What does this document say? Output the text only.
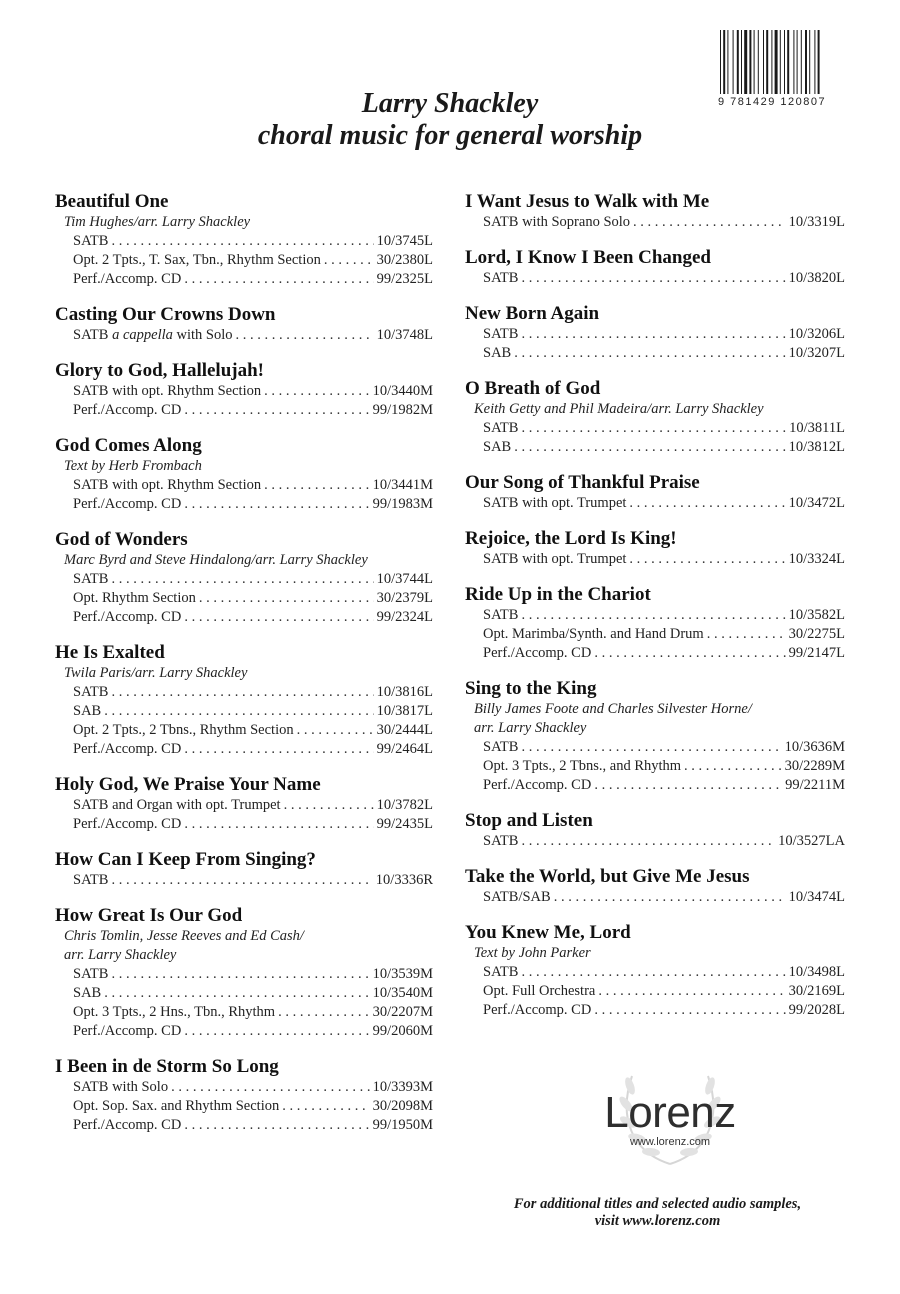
9 781429 120807
Larry Shackley
choral music for general worship
Beautiful One
Tim Hughes/arr. Larry Shackley
SATB . . .	10/3745L
Opt. 2 Tpts., T. Sax, Tbn., Rhythm Section . . .	30/2380L
Perf./Accomp. CD . . .	99/2325L
Casting Our Crowns Down
SATB a cappella with Solo . . .	10/3748L
Glory to God, Hallelujah!
SATB with opt. Rhythm Section . . .	10/3440M
Perf./Accomp. CD . . .	99/1982M
God Comes Along
Text by Herb Frombach
SATB with opt. Rhythm Section . . .	10/3441M
Perf./Accomp. CD . . .	99/1983M
God of Wonders
Marc Byrd and Steve Hindalong/arr. Larry Shackley
SATB . . .	10/3744L
Opt. Rhythm Section . . .	30/2379L
Perf./Accomp. CD . . .	99/2324L
He Is Exalted
Twila Paris/arr. Larry Shackley
SATB . . .	10/3816L
SAB . . .	10/3817L
Opt. 2 Tpts., 2 Tbns., Rhythm Section . . .	30/2444L
Perf./Accomp. CD . . .	99/2464L
Holy God, We Praise Your Name
SATB and Organ with opt. Trumpet . . .	10/3782L
Perf./Accomp. CD . . .	99/2435L
How Can I Keep From Singing?
SATB . . .	10/3336R
How Great Is Our God
Chris Tomlin, Jesse Reeves and Ed Cash/
arr. Larry Shackley
SATB . . .	10/3539M
SAB . . .	10/3540M
Opt. 3 Tpts., 2 Hns., Tbn., Rhythm . . .	30/2207M
Perf./Accomp. CD . . .	99/2060M
I Been in de Storm So Long
SATB with Solo . . .	10/3393M
Opt. Sop. Sax. and Rhythm Section . . .	30/2098M
Perf./Accomp. CD . . .	99/1950M
I Want Jesus to Walk with Me
SATB with Soprano Solo . . .	10/3319L
Lord, I Know I Been Changed
SATB . . .	10/3820L
New Born Again
SATB . . .	10/3206L
SAB . . .	10/3207L
O Breath of God
Keith Getty and Phil Madeira/arr. Larry Shackley
SATB . . .	10/3811L
SAB . . .	10/3812L
Our Song of Thankful Praise
SATB with opt. Trumpet . . .	10/3472L
Rejoice, the Lord Is King!
SATB with opt. Trumpet . . .	10/3324L
Ride Up in the Chariot
SATB . . .	10/3582L
Opt. Marimba/Synth. and Hand Drum . . .	30/2275L
Perf./Accomp. CD . . .	99/2147L
Sing to the King
Billy James Foote and Charles Silvester Horne/
arr. Larry Shackley
SATB . . .	10/3636M
Opt. 3 Tpts., 2 Tbns., and Rhythm . . .	30/2289M
Perf./Accomp. CD . . .	99/2211M
Stop and Listen
SATB . . .	10/3527LA
Take the World, but Give Me Jesus
SATB/SAB . . .	10/3474L
You Knew Me, Lord
Text by John Parker
SATB . . .	10/3498L
Opt. Full Orchestra . . .	30/2169L
Perf./Accomp. CD . . .	99/2028L
Lorenz
www.lorenz.com
For additional titles and selected audio samples,
visit www.lorenz.com
